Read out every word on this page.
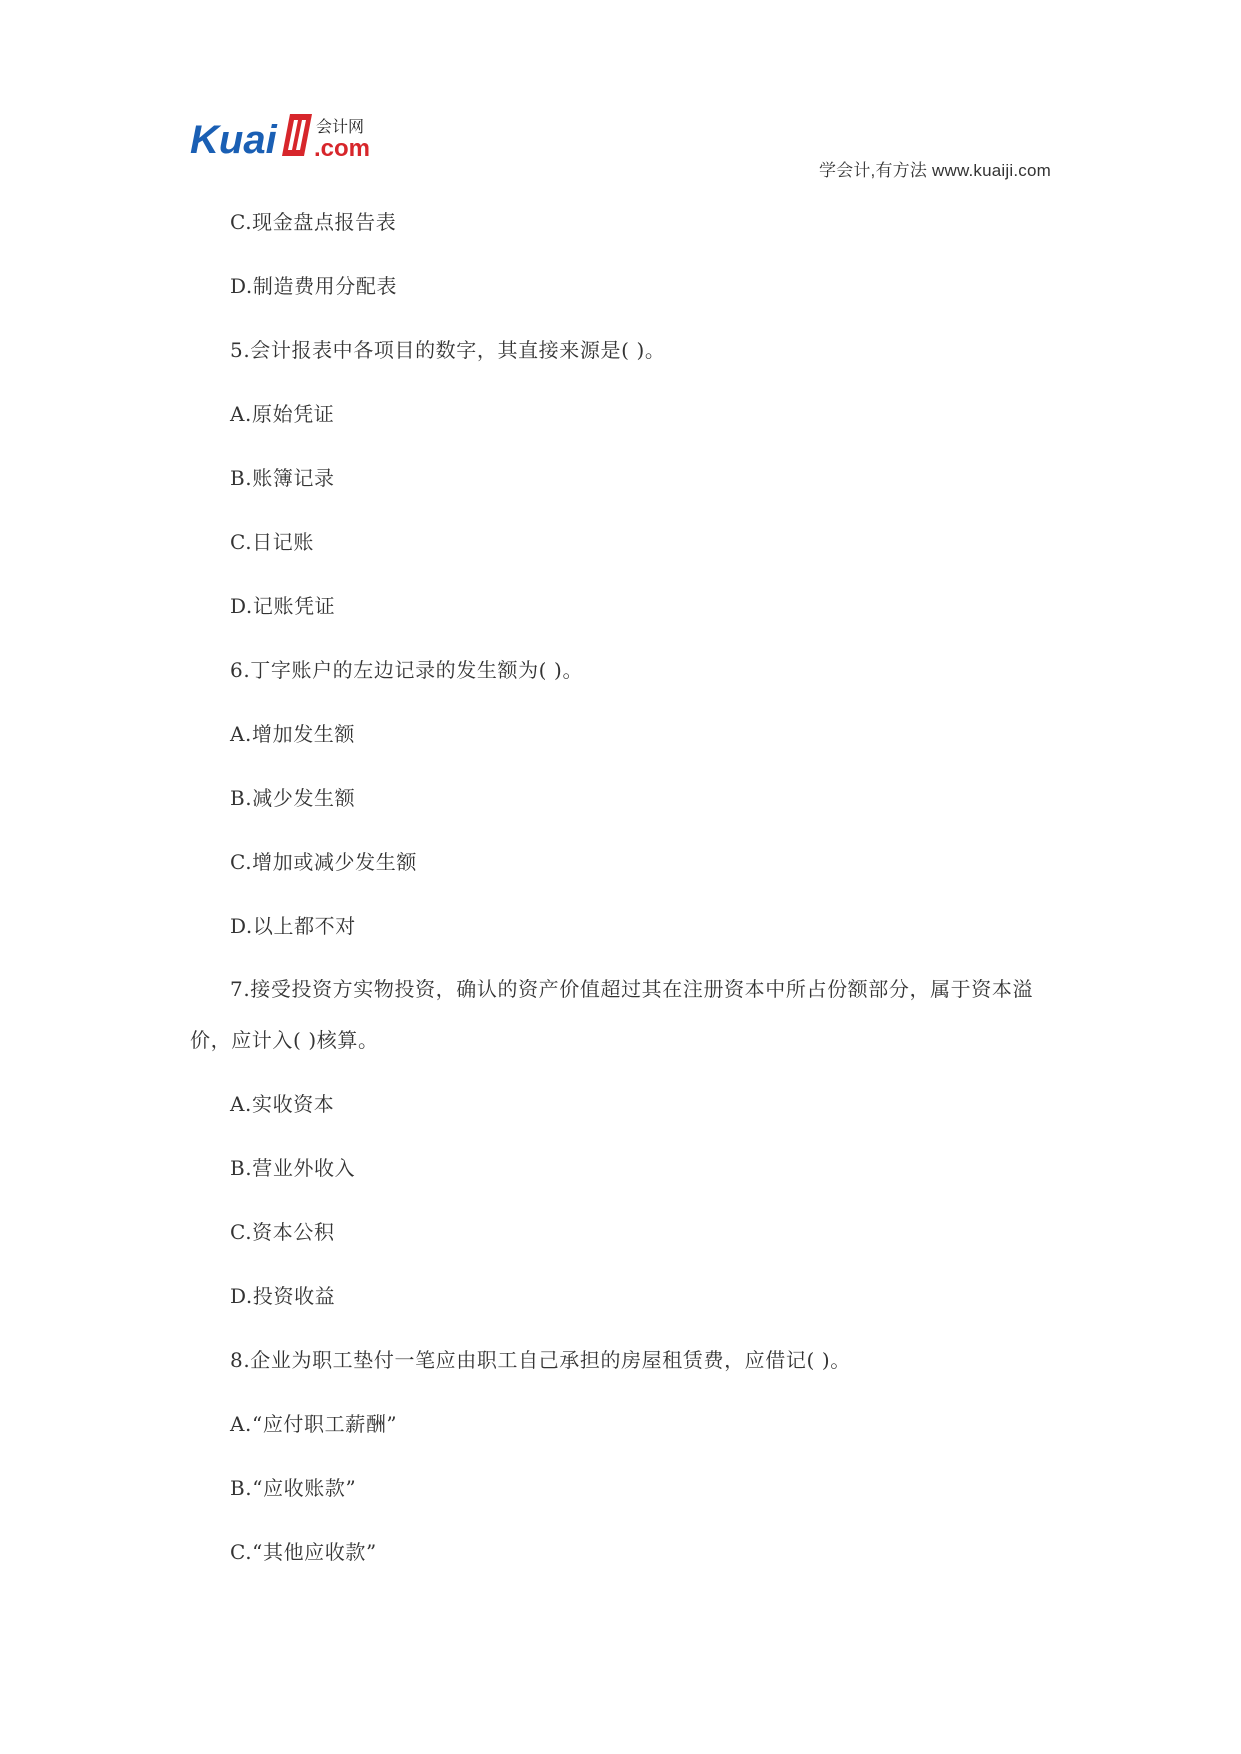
Kuai 会计网
.com
学会计,有方法 www.kuaiji.com
C.现金盘点报告表
D.制造费用分配表
5.会计报表中各项目的数字，其直接来源是( )。
A.原始凭证
B.账簿记录
C.日记账
D.记账凭证
6.丁字账户的左边记录的发生额为( )。
A.增加发生额
B.减少发生额
C.增加或减少发生额
D.以上都不对
7.接受投资方实物投资，确认的资产价值超过其在注册资本中所占份额部分，属于资本溢价，应计入( )核算。
A.实收资本
B.营业外收入
C.资本公积
D.投资收益
8.企业为职工垫付一笔应由职工自己承担的房屋租赁费，应借记( )。
A.“应付职工薪酬”
B.“应收账款”
C.“其他应收款”
